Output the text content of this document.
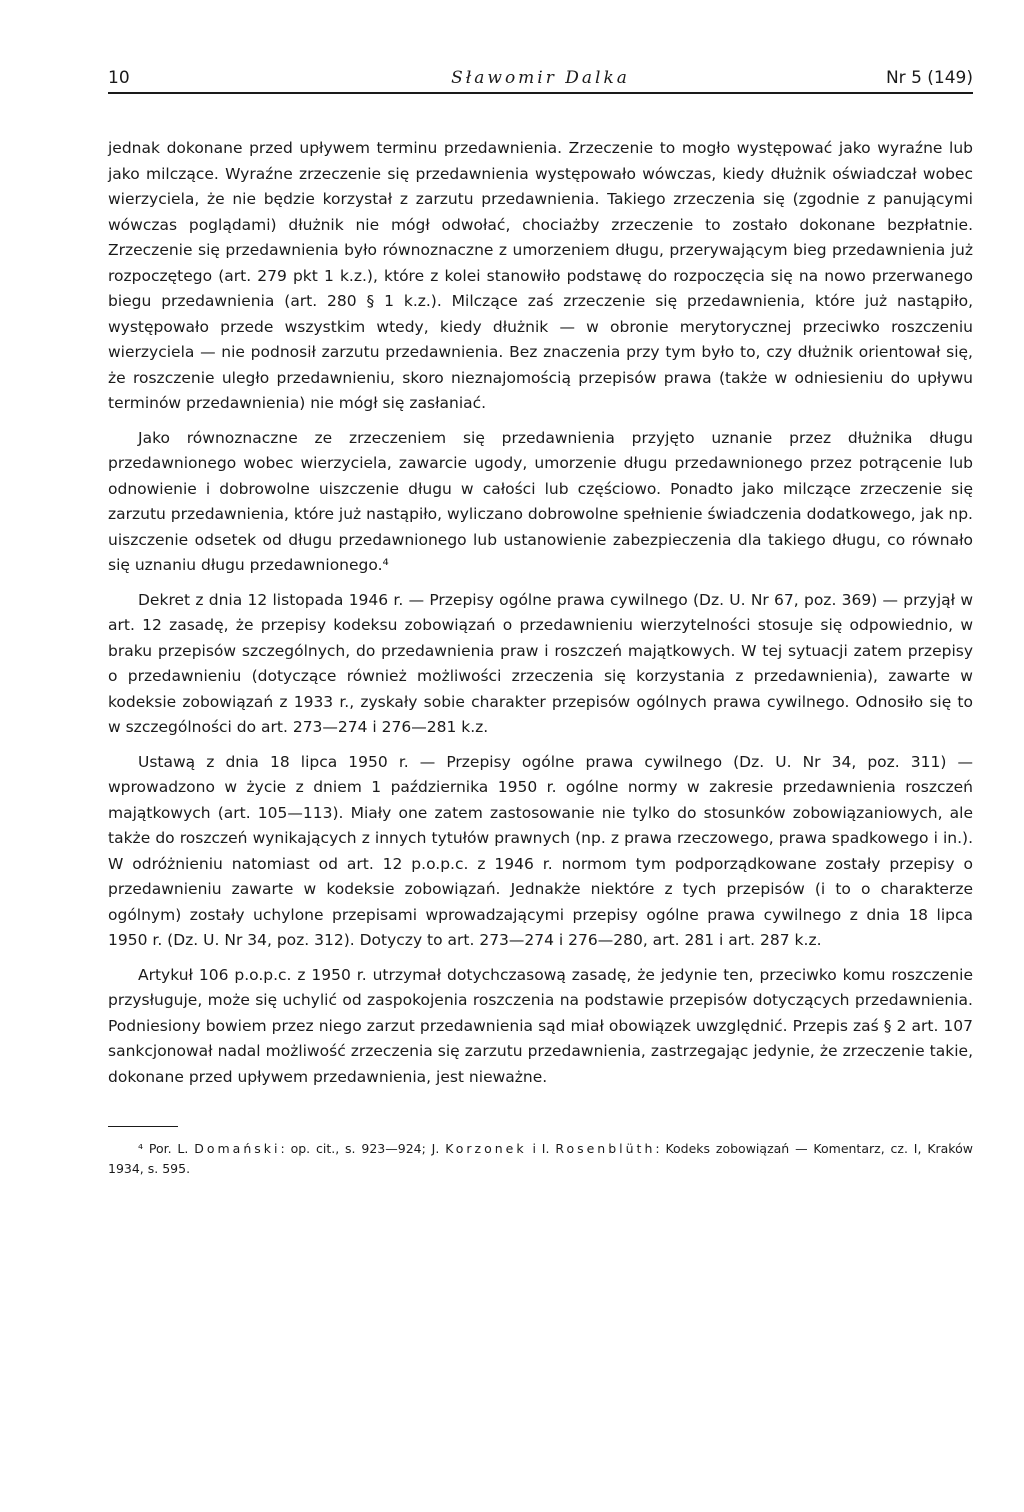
10	Sławomir Dalka	Nr 5 (149)

jednak dokonane przed upływem terminu przedawnienia. Zrzeczenie to mogło występować jako wyraźne lub jako milczące. Wyraźne zrzeczenie się przedawnienia występowało wówczas, kiedy dłużnik oświadczał wobec wierzyciela, że nie będzie korzystał z zarzutu przedawnienia. Takiego zrzeczenia się (zgodnie z panującymi wówczas poglądami) dłużnik nie mógł odwołać, chociażby zrzeczenie to zostało dokonane bezpłatnie. Zrzeczenie się przedawnienia było równoznaczne z umorzeniem długu, przerywającym bieg przedawnienia już rozpoczętego (art. 279 pkt 1 k.z.), które z kolei stanowiło podstawę do rozpoczęcia się na nowo przerwanego biegu przedawnienia (art. 280 § 1 k.z.). Milczące zaś zrzeczenie się przedawnienia, które już nastąpiło, występowało przede wszystkim wtedy, kiedy dłużnik — w obronie merytorycznej przeciwko roszczeniu wierzyciela — nie podnosił zarzutu przedawnienia. Bez znaczenia przy tym było to, czy dłużnik orientował się, że roszczenie uległo przedawnieniu, skoro nieznajomością przepisów prawa (także w odniesieniu do upływu terminów przedawnienia) nie mógł się zasłaniać.

Jako równoznaczne ze zrzeczeniem się przedawnienia przyjęto uznanie przez dłużnika długu przedawnionego wobec wierzyciela, zawarcie ugody, umorzenie długu przedawnionego przez potrącenie lub odnowienie i dobrowolne uiszczenie długu w całości lub częściowo. Ponadto jako milczące zrzeczenie się zarzutu przedawnienia, które już nastąpiło, wyliczano dobrowolne spełnienie świadczenia dodatkowego, jak np. uiszczenie odsetek od długu przedawnionego lub ustanowienie zabezpieczenia dla takiego długu, co równało się uznaniu długu przedawnionego.⁴

Dekret z dnia 12 listopada 1946 r. — Przepisy ogólne prawa cywilnego (Dz. U. Nr 67, poz. 369) — przyjął w art. 12 zasadę, że przepisy kodeksu zobowiązań o przedawnieniu wierzytelności stosuje się odpowiednio, w braku przepisów szczególnych, do przedawnienia praw i roszczeń majątkowych. W tej sytuacji zatem przepisy o przedawnieniu (dotyczące również możliwości zrzeczenia się korzystania z przedawnienia), zawarte w kodeksie zobowiązań z 1933 r., zyskały sobie charakter przepisów ogólnych prawa cywilnego. Odnosiło się to w szczególności do art. 273—274 i 276—281 k.z.

Ustawą z dnia 18 lipca 1950 r. — Przepisy ogólne prawa cywilnego (Dz. U. Nr 34, poz. 311) — wprowadzono w życie z dniem 1 października 1950 r. ogólne normy w zakresie przedawnienia roszczeń majątkowych (art. 105—113). Miały one zatem zastosowanie nie tylko do stosunków zobowiązaniowych, ale także do roszczeń wynikających z innych tytułów prawnych (np. z prawa rzeczowego, prawa spadkowego i in.). W odróżnieniu natomiast od art. 12 p.o.p.c. z 1946 r. normom tym podporządkowane zostały przepisy o przedawnieniu zawarte w kodeksie zobowiązań. Jednakże niektóre z tych przepisów (i to o charakterze ogólnym) zostały uchylone przepisami wprowadzającymi przepisy ogólne prawa cywilnego z dnia 18 lipca 1950 r. (Dz. U. Nr 34, poz. 312). Dotyczy to art. 273—274 i 276—280, art. 281 i art. 287 k.z.

Artykuł 106 p.o.p.c. z 1950 r. utrzymał dotychczasową zasadę, że jedynie ten, przeciwko komu roszczenie przysługuje, może się uchylić od zaspokojenia roszczenia na podstawie przepisów dotyczących przedawnienia. Podniesiony bowiem przez niego zarzut przedawnienia sąd miał obowiązek uwzględnić. Przepis zaś § 2 art. 107 sankcjonował nadal możliwość zrzeczenia się zarzutu przedawnienia, zastrzegając jedynie, że zrzeczenie takie, dokonane przed upływem przedawnienia, jest nieważne.

⁴ Por. L. Domański: op. cit., s. 923—924; J. Korzonek i I. Rosenblüth: Kodeks zobowiązań — Komentarz, cz. I, Kraków 1934, s. 595.
